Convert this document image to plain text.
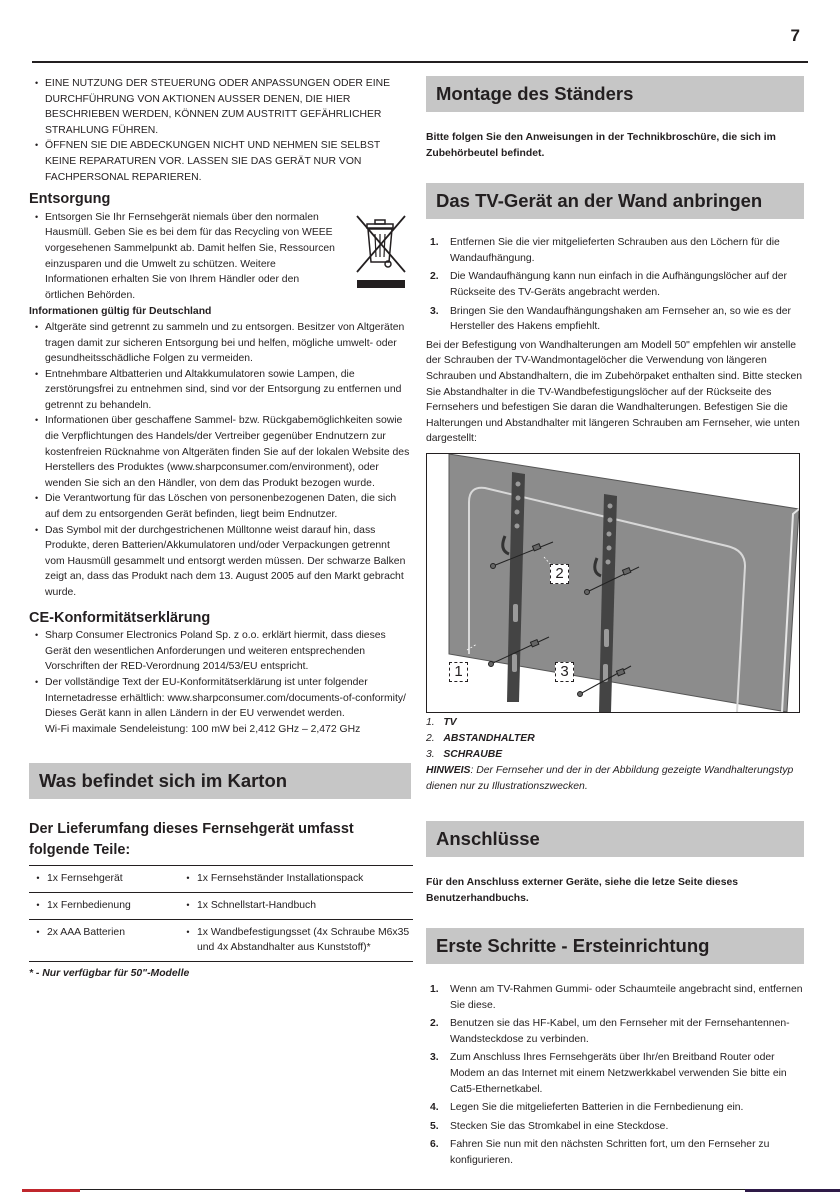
7
• EINE NUTZUNG DER STEUERUNG ODER ANPASSUNGEN ODER EINE DURCHFÜHRUNG VON AKTIONEN AUSSER DENEN, DIE HIER BESCHRIEBEN WERDEN, KÖNNEN ZUM AUSTRITT GEFÄHRLICHER STRAHLUNG FÜHREN.
• ÖFFNEN SIE DIE ABDECKUNGEN NICHT UND NEHMEN SIE SELBST KEINE REPARATUREN VOR. LASSEN SIE DAS GERÄT NUR VON FACHPERSONAL REPARIEREN.
Entsorgung
• Entsorgen Sie Ihr Fernsehgerät niemals über den normalen Hausmüll. Geben Sie es bei dem für das Recycling von WEEE vorgesehenen Sammelpunkt ab. Damit helfen Sie, Ressourcen einzusparen und die Umwelt zu schützen. Weitere Informationen erhalten Sie von Ihrem Händler oder den örtlichen Behörden.
Informationen gültig für Deutschland
• Altgeräte sind getrennt zu sammeln und zu entsorgen. Besitzer von Altgeräten tragen damit zur sicheren Entsorgung bei und helfen, mögliche umwelt- oder gesundheitsschädliche Folgen zu vermeiden.
• Entnehmbare Altbatterien und Altakkumulatoren sowie Lampen, die zerstörungsfrei zu entnehmen sind, sind vor der Entsorgung zu entfernen und getrennt zu behandeln.
• Informationen über geschaffene Sammel- bzw. Rückgabemöglichkeiten sowie die Verpflichtungen des Handels/der Vertreiber gegenüber Endnutzern zur kostenfreien Rücknahme von Altgeräten finden Sie auf der lokalen Website des Herstellers des Produktes (www.sharpconsumer.com/environment), oder wenden Sie sich an den Händler, von dem das Produkt bezogen wurde.
• Die Verantwortung für das Löschen von personenbezogenen Daten, die sich auf dem zu entsorgenden Gerät befinden, liegt beim Endnutzer.
• Das Symbol mit der durchgestrichenen Mülltonne weist darauf hin, dass Produkte, deren Batterien/Akkumulatoren und/oder Verpackungen getrennt vom Hausmüll gesammelt und entsorgt werden müssen. Der schwarze Balken zeigt an, dass das Produkt nach dem 13. August 2005 auf den Markt gebracht wurde.
CE-Konformitätserklärung
• Sharp Consumer Electronics Poland Sp. z o.o. erklärt hiermit, dass dieses Gerät den wesentlichen Anforderungen und weiteren entsprechenden Vorschriften der RED-Verordnung 2014/53/EU entspricht.
• Der vollständige Text der EU-Konformitätserklärung ist unter folgender Internetadresse erhältlich: www.sharpconsumer.com/documents-of-conformity/
Dieses Gerät kann in allen Ländern in der EU verwendet werden.
Wi-Fi maximale Sendeleistung: 100 mW bei 2,412 GHz – 2,472 GHz
Was befindet sich im Karton
Der Lieferumfang dieses Fernsehgerät umfasst folgende Teile:
•	1x Fernsehgerät	•	1x Fernsehständer Installationspack
•	1x Fernbedienung	•	1x Schnellstart-Handbuch
•	2x AAA Batterien	•	1x Wandbefestigungsset (4x Schraube M6x35 und 4x Abstandhalter aus Kunststoff)*
* - Nur verfügbar für 50"-Modelle
Montage des Ständers
Bitte folgen Sie den Anweisungen in der Technikbroschüre, die sich im Zubehörbeutel befindet.
Das TV-Gerät an der Wand anbringen
1. Entfernen Sie die vier mitgelieferten Schrauben aus den Löchern für die Wandaufhängung.
2. Die Wandaufhängung kann nun einfach in die Aufhängungslöcher auf der Rückseite des TV-Geräts angebracht werden.
3. Bringen Sie den Wandaufhängungshaken am Fernseher an, so wie es der Hersteller des Hakens empfiehlt.
Bei der Befestigung von Wandhalterungen am Modell 50" empfehlen wir anstelle der Schrauben der TV-Wandmontagelöcher die Verwendung von längeren Schrauben und Abstandhaltern, die im Zubehörpaket enthalten sind. Bitte stecken Sie Abstandhalter in die TV-Wandbefestigungslöcher auf der Rückseite des Fernsehers und befestigen Sie daran die Wandhalterungen. Befestigen Sie die Halterungen und Abstandhalter mit längeren Schrauben am Fernseher, wie unten dargestellt:
1
2
3
1.   TV
2.   ABSTANDHALTER
3.   SCHRAUBE
HINWEIS: Der Fernseher und der in der Abbildung gezeigte Wandhalterungstyp dienen nur zu Illustrationszwecken.
Anschlüsse
Für den Anschluss externer Geräte, siehe die letze Seite dieses Benutzerhandbuchs.
Erste Schritte - Ersteinrichtung
1. Wenn am TV-Rahmen Gummi- oder Schaumteile angebracht sind, entfernen Sie diese.
2. Benutzen sie das HF-Kabel, um den Fernseher mit der Fernsehantennen-Wandsteckdose zu verbinden.
3. Zum Anschluss Ihres Fernsehgeräts über Ihr/en Breitband Router oder Modem an das Internet mit einem Netzwerkkabel verwenden Sie bitte ein Cat5-Ethernetkabel.
4. Legen Sie die mitgelieferten Batterien in die Fernbedienung ein.
5. Stecken Sie das Stromkabel in eine Steckdose.
6. Fahren Sie nun mit den nächsten Schritten fort, um den Fernseher zu konfigurieren.
